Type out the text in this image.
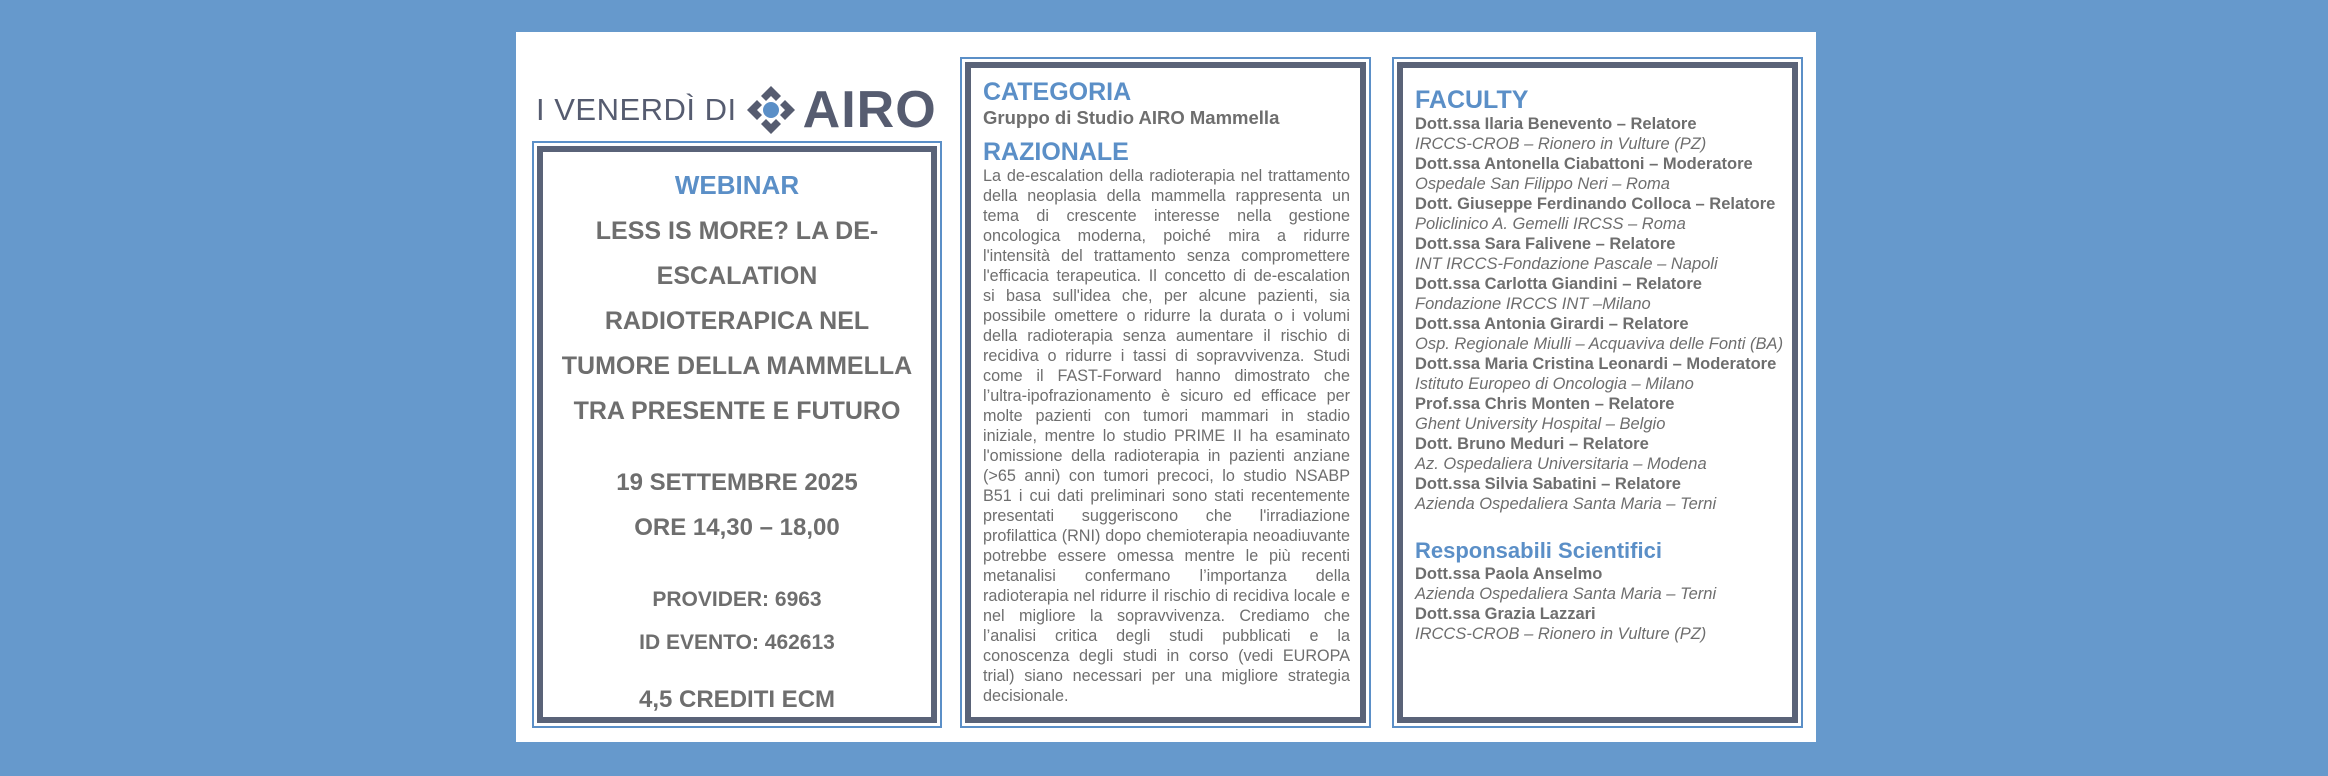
I VENERDÌ DI AIRO
WEBINAR
LESS IS MORE? LA DE-
ESCALATION
RADIOTERAPICA NEL
TUMORE DELLA MAMMELLA
TRA PRESENTE E FUTURO
19 SETTEMBRE 2025
ORE 14,30 – 18,00
PROVIDER: 6963
ID EVENTO: 462613
4,5 CREDITI ECM
CATEGORIA
Gruppo di Studio AIRO Mammella
RAZIONALE
La de-escalation della radioterapia nel trattamento della neoplasia della mammella rappresenta un tema di crescente interesse nella gestione oncologica moderna, poiché mira a ridurre l'intensità del trattamento senza compromettere l'efficacia terapeutica. Il concetto di de-escalation si basa sull'idea che, per alcune pazienti, sia possibile omettere o ridurre la durata o i volumi della radioterapia senza aumentare il rischio di recidiva o ridurre i tassi di sopravvivenza. Studi come il FAST-Forward hanno dimostrato che l’ultra-ipofrazionamento è sicuro ed efficace per molte pazienti con tumori mammari in stadio iniziale, mentre lo studio PRIME II ha esaminato l'omissione della radioterapia in pazienti anziane (>65 anni) con tumori precoci, lo studio NSABP B51 i cui dati preliminari sono stati recentemente presentati suggeriscono che l'irradiazione profilattica (RNI) dopo chemioterapia neoadiuvante potrebbe essere omessa mentre le più recenti metanalisi confermano l’importanza della radioterapia nel ridurre il rischio di recidiva locale e nel migliore la sopravvivenza. Crediamo che l’analisi critica degli studi pubblicati e la conoscenza degli studi in corso (vedi EUROPA trial) siano necessari per una migliore strategia decisionale.
FACULTY
Dott.ssa Ilaria Benevento – Relatore
IRCCS-CROB – Rionero in Vulture (PZ)
Dott.ssa Antonella Ciabattoni – Moderatore
Ospedale San Filippo Neri – Roma
Dott. Giuseppe Ferdinando Colloca – Relatore
Policlinico A. Gemelli IRCSS – Roma
Dott.ssa Sara Falivene – Relatore
INT IRCCS-Fondazione Pascale – Napoli
Dott.ssa Carlotta Giandini – Relatore
Fondazione IRCCS INT –Milano
Dott.ssa Antonia Girardi – Relatore
Osp. Regionale Miulli – Acquaviva delle Fonti (BA)
Dott.ssa Maria Cristina Leonardi – Moderatore
Istituto Europeo di Oncologia – Milano
Prof.ssa Chris Monten – Relatore
Ghent University Hospital – Belgio
Dott. Bruno Meduri – Relatore
Az. Ospedaliera Universitaria – Modena
Dott.ssa Silvia Sabatini – Relatore
Azienda Ospedaliera Santa Maria – Terni
Responsabili Scientifici
Dott.ssa Paola Anselmo
Azienda Ospedaliera Santa Maria – Terni
Dott.ssa Grazia Lazzari
IRCCS-CROB – Rionero in Vulture (PZ)
